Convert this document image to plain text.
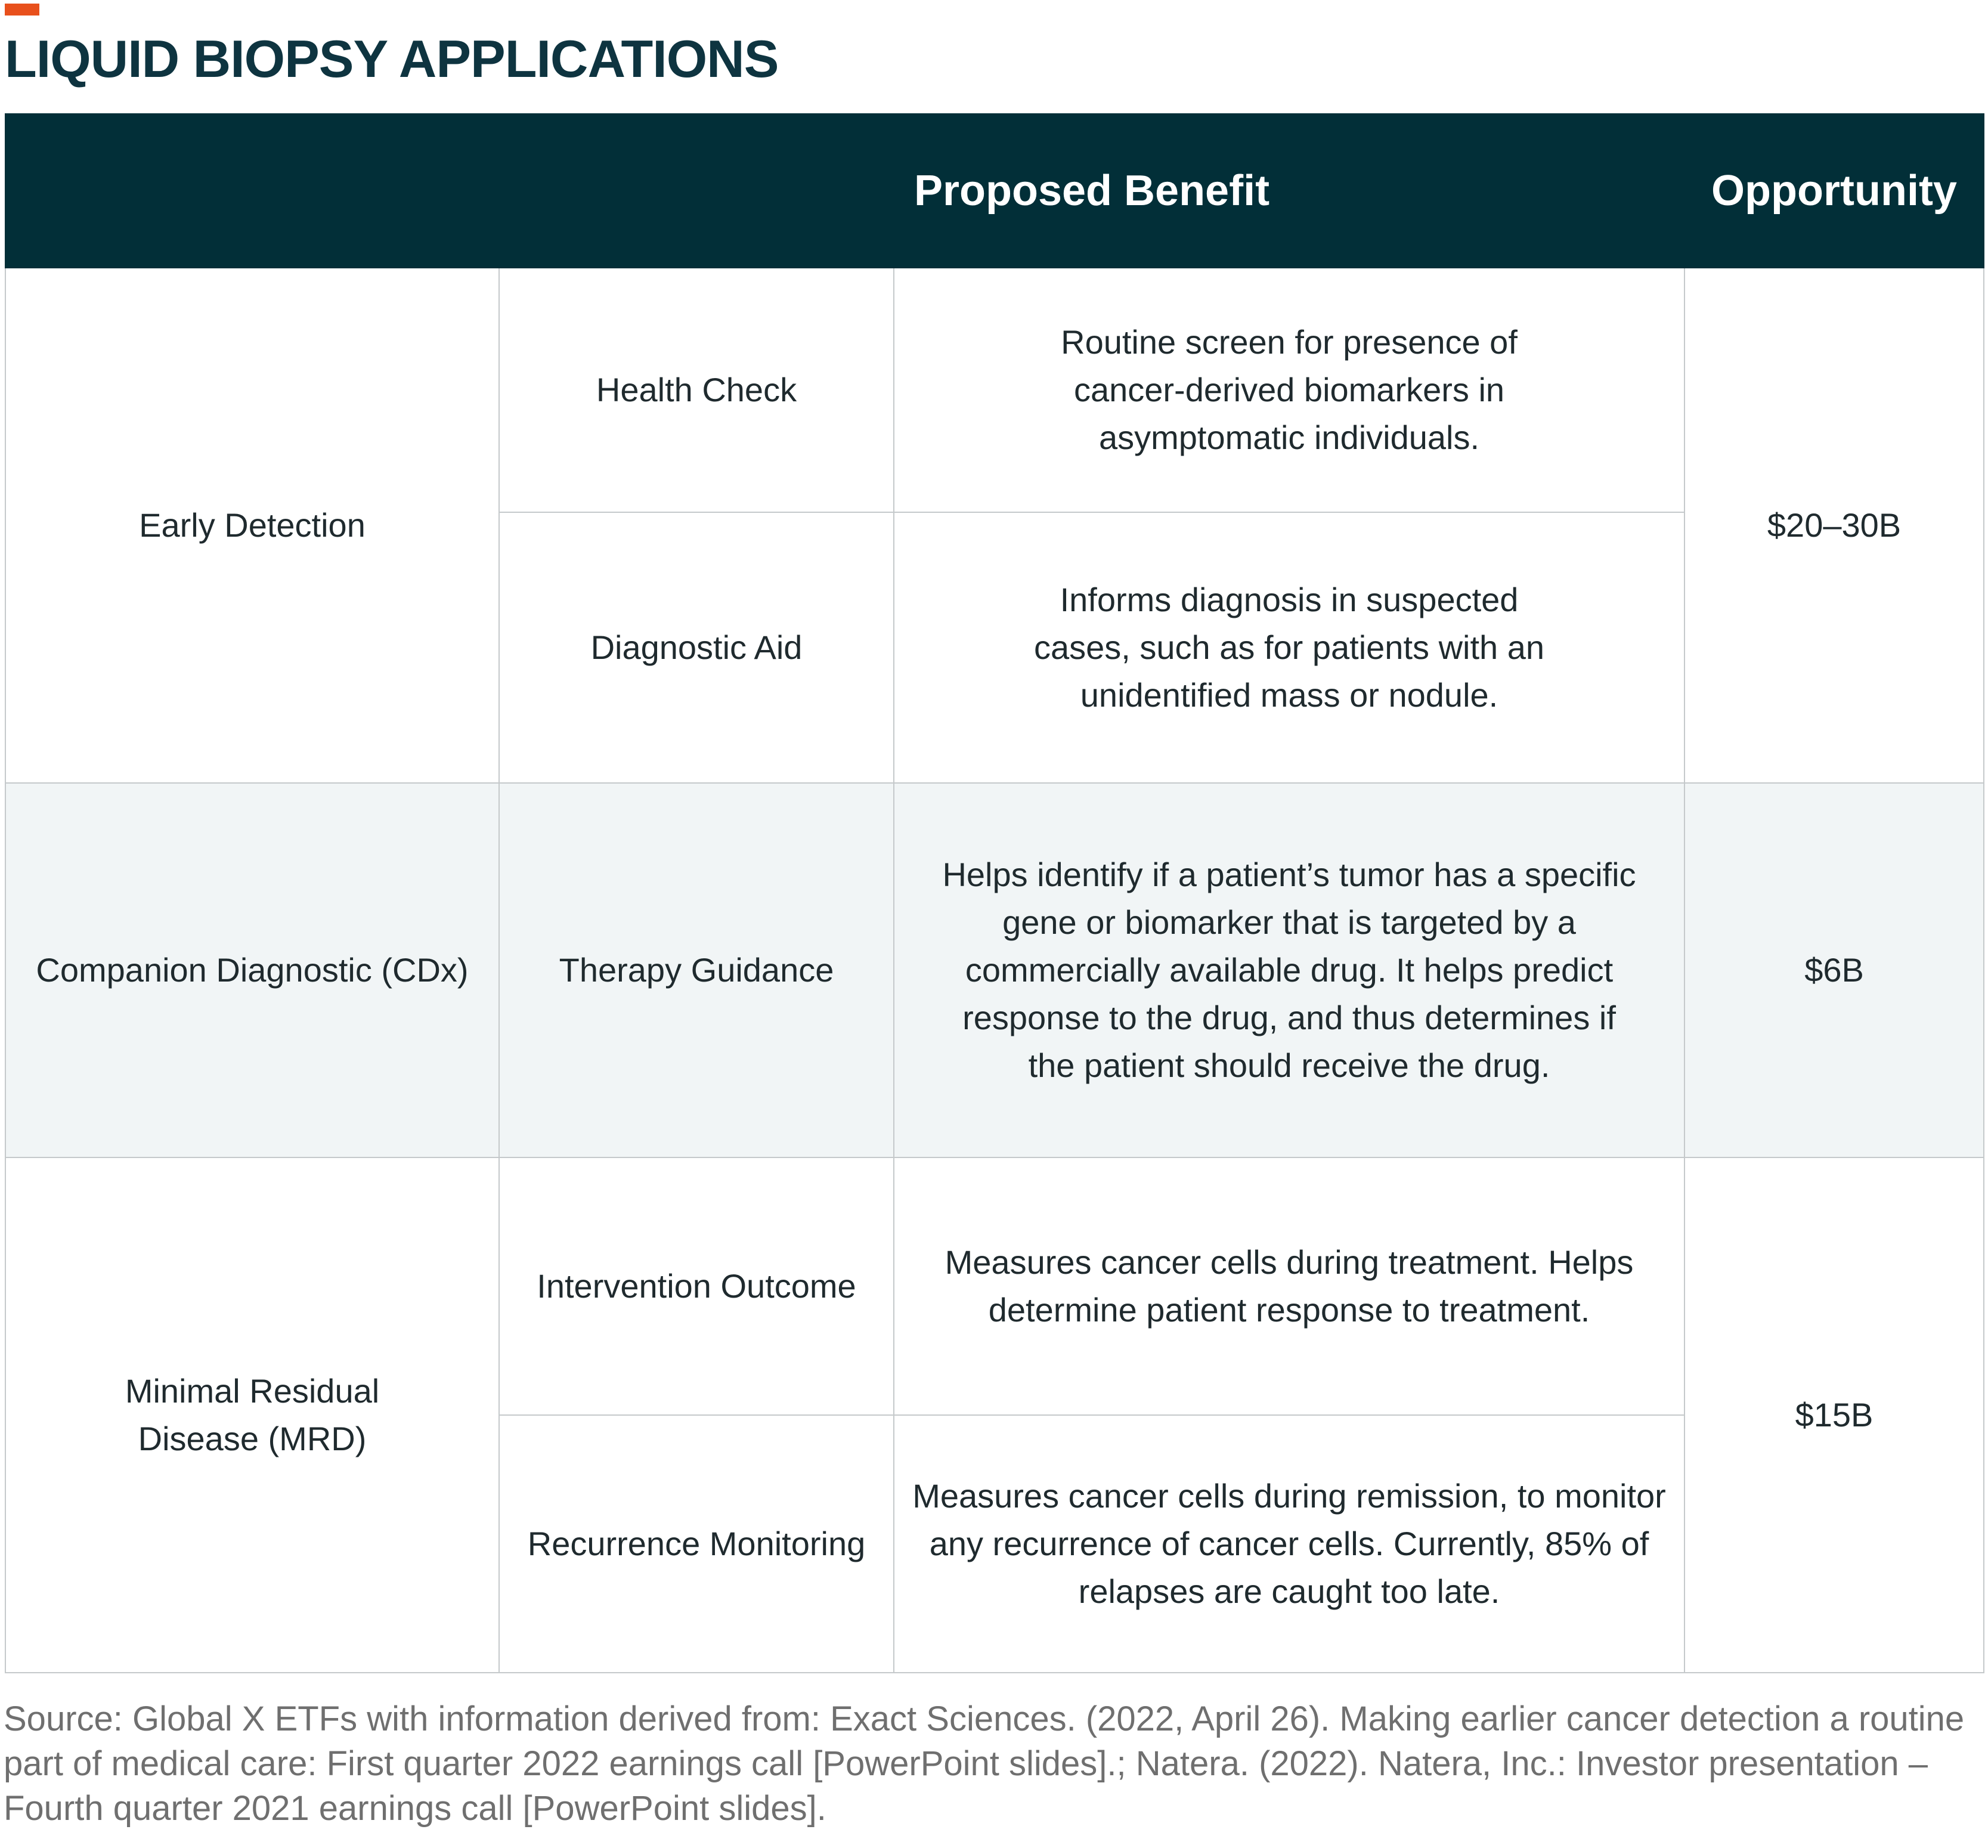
LIQUID BIOPSY APPLICATIONS
	Proposed Benefit		Opportunity
Early Detection	Health Check	Routine screen for presence of cancer-derived biomarkers in asymptomatic individuals.	$20–30B
	Diagnostic Aid	Informs diagnosis in suspected cases, such as for patients with an unidentified mass or nodule.	
Companion Diagnostic (CDx)	Therapy Guidance	Helps identify if a patient’s tumor has a specific gene or biomarker that is targeted by a commercially available drug. It helps predict response to the drug, and thus determines if the patient should receive the drug.	$6B
Minimal Residual Disease (MRD)	Intervention Outcome	Measures cancer cells during treatment. Helps determine patient response to treatment.	$15B
	Recurrence Monitoring	Measures cancer cells during remission, to monitor any recurrence of cancer cells. Currently, 85% of relapses are caught too late.	

Source: Global X ETFs with information derived from: Exact Sciences. (2022, April 26). Making earlier cancer detection a routine part of medical care: First quarter 2022 earnings call [PowerPoint slides].; Natera. (2022). Natera, Inc.: Investor presentation – Fourth quarter 2021 earnings call [PowerPoint slides].
